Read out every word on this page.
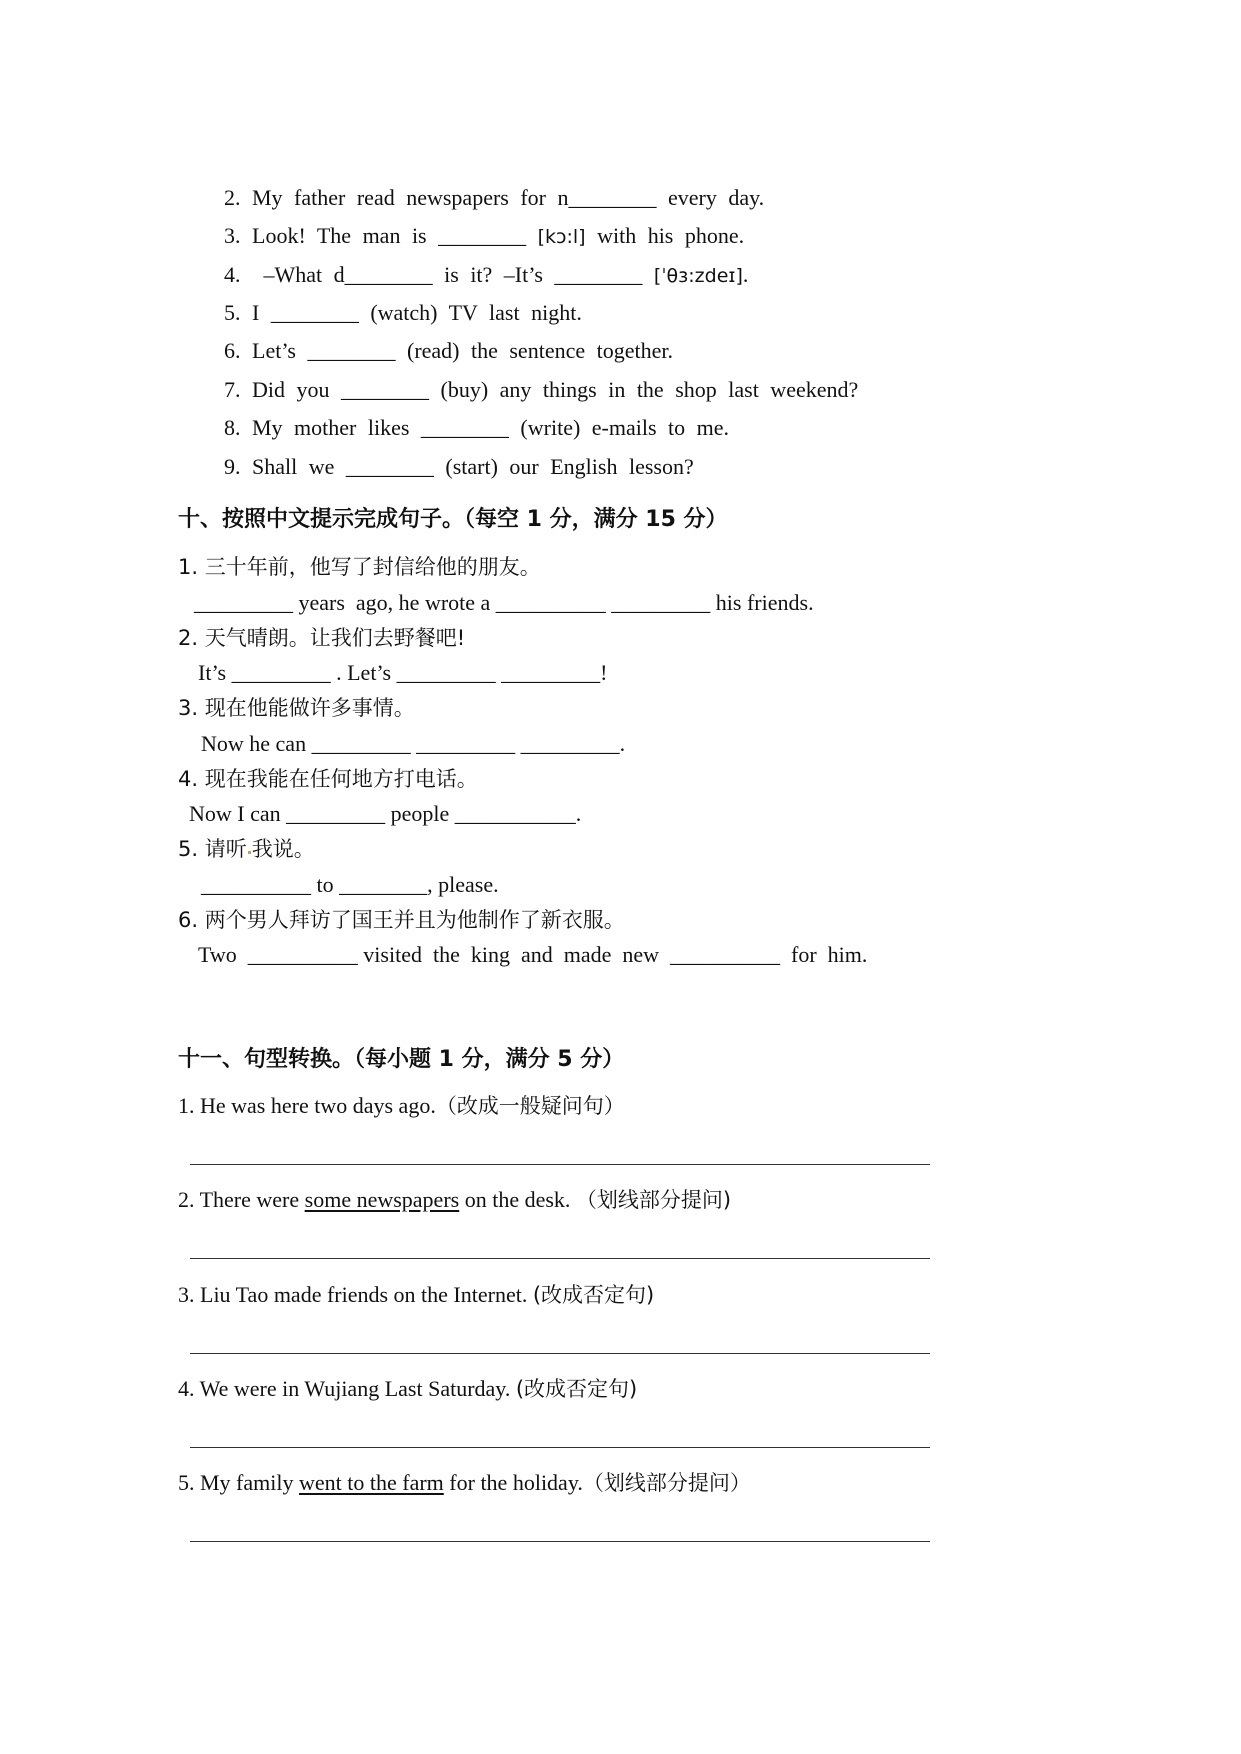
2. My father read newspapers for n________ every day.

3. Look! The man is ________ [kɔ:l] with his phone.

4.  –What d________ is it? –It’s ________ [ˈθɜ:zdeɪ].

5. I ________ (watch) TV last night.

6. Let’s ________ (read) the sentence together.

7. Did you ________ (buy) any things in the shop last weekend?

8. My mother likes ________ (write) e-mails to me.

9. Shall we ________ (start) our English lesson?

十、按照中文提示完成句子。（每空 1 分，满分 15 分）
1. 三十年前，他写了封信给他的朋友。
_________ years  ago, he wrote a __________ _________ his friends.
2. 天气晴朗。让我们去野餐吧!
It’s _________ . Let’s _________ _________!
3. 现在他能做许多事情。
Now he can _________ _________ _________.
4. 现在我能在任何地方打电话。
Now I can _________ people ___________.
5. 请听 我说。
__________ to ________, please.
6. 两个男人拜访了国王并且为他制作了新衣服。
Two  __________ visited  the  king  and  made  new  __________  for  him.
十一、句型转换。（每小题 1 分，满分 5 分）
1. He was here two days ago.（改成一般疑问句）
2. There were some newspapers on the desk. （划线部分提问)
3. Liu Tao made friends on the Internet. (改成否定句)
4. We were in Wujiang Last Saturday. (改成否定句)
5. My family went to the farm for the holiday.（划线部分提问）
